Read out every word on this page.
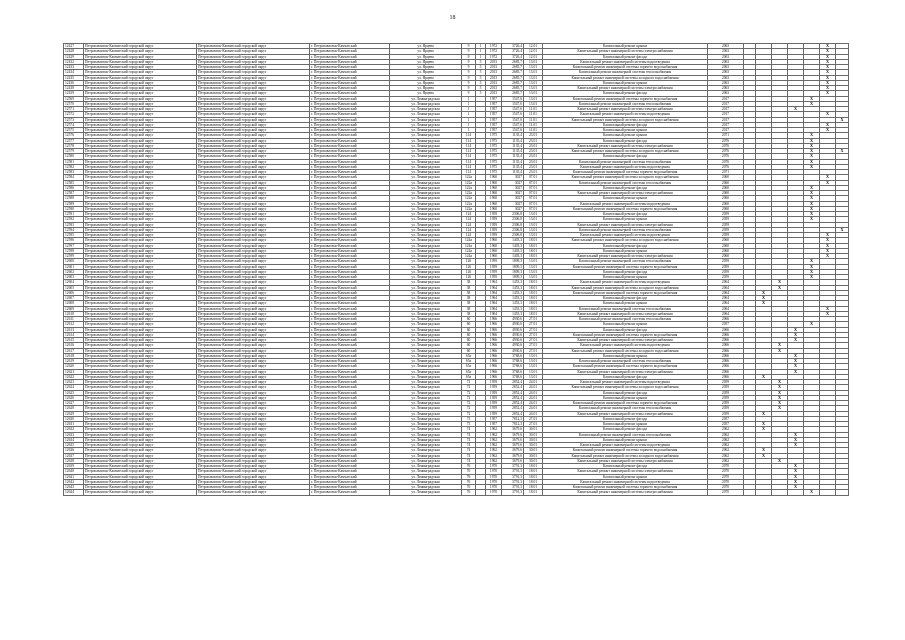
18
12427	Петропавловск-Камчатский городской округ	Петропавловск-Камчатский городской округ	г. Петропавловск-Камчатский	ул. Ярцева	9	1	1972	3726,4	12.01	Капитальный ремонт крыши	2063						X	
12428	Петропавловск-Камчатский городской округ	Петропавловск-Камчатский городской округ	г. Петропавловск-Камчатский	ул. Ярцева	9	1	1972	3726,4	12.01	Капитальный ремонт инженерной системы электроснабжения	2063						X	
12429	Петропавловск-Камчатский городской округ	Петропавловск-Камчатский городской округ	г. Петропавловск-Камчатский	ул. Ярцева	9	1	1972	3726,4	12.01	Капитальный ремонт фасада	2063						X	
12432	Петропавловск-Камчатский городской округ	Петропавловск-Камчатский городской округ	г. Петропавловск-Камчатский	ул. Ярцева	9	5	2013	2685,7	13.01	Капитальный ремонт инженерной системы водоотведения	2063						X	
12433	Петропавловск-Камчатский городской округ	Петропавловск-Камчатский городской округ	г. Петропавловск-Камчатский	ул. Ярцева	9	5	2013	2685,7	13.01	Капитальный ремонт инженерной системы горячего водоснабжения	2063						X	
12434	Петропавловск-Камчатский городской округ	Петропавловск-Камчатский городской округ	г. Петропавловск-Камчатский	ул. Ярцева	9	5	2013	2685,7	13.01	Капитальный ремонт инженерной системы теплоснабжения	2063						X	
12435	Петропавловск-Камчатский городской округ	Петропавловск-Камчатский городской округ	г. Петропавловск-Камчатский	ул. Ярцева	9	5	2013	2685,7	13.01	Капитальный ремонт инженерной системы холодного водоснабжения	2063						X	
12436	Петропавловск-Камчатский городской округ	Петропавловск-Камчатский городской округ	г. Петропавловск-Камчатский	ул. Ярцева	9	5	2013	2685,7	13.01	Капитальный ремонт крыши	2063						X	
12438	Петропавловск-Камчатский городской округ	Петропавловск-Камчатский городской округ	г. Петропавловск-Камчатский	ул. Ярцева	9	5	2013	2685,7	13.01	Капитальный ремонт инженерной системы электроснабжения	2063						X	
12439	Петропавловск-Камчатский городской округ	Петропавловск-Камчатский городской округ	г. Петропавловск-Камчатский	ул. Ярцева	9	5	2013	2685,7	13.01	Капитальный ремонт фасада	2063						X	
12569	Петропавловск-Камчатский городской округ	Петропавловск-Камчатский городской округ	г. Петропавловск-Камчатский	ул. Ленинградская	1		1957	1547,6	13.01	Капитальный ремонт инженерной системы горячего водоснабжения	2017					X		
12570	Петропавловск-Камчатский городской округ	Петропавловск-Камчатский городской округ	г. Петропавловск-Камчатский	ул. Ленинградская	1		1957	1547,6	13.01	Капитальный ремонт инженерной системы теплоснабжения	2017					X		
12571	Петропавловск-Камчатский городской округ	Петропавловск-Камчатский городской округ	г. Петропавловск-Камчатский	ул. Ленинградская	1		1957	1547,6	11.01	Капитальный ремонт инженерной системы электроснабжения	2017				X			
12572	Петропавловск-Камчатский городской округ	Петропавловск-Камчатский городской округ	г. Петропавловск-Камчатский	ул. Ленинградская	1		1957	1547,6	11.01	Капитальный ремонт инженерной системы водоотведения	2017						X	
12573	Петропавловск-Камчатский городской округ	Петропавловск-Камчатский городской округ	г. Петропавловск-Камчатский	ул. Ленинградская	1		1957	1547,6	11.01	Капитальный ремонт инженерной системы холодного водоснабжения	2017							X
12574	Петропавловск-Камчатский городской округ	Петропавловск-Камчатский городской округ	г. Петропавловск-Камчатский	ул. Ленинградская	1		1957	1547,6	11.01	Капитальный ремонт фасада	2017						X	
12575	Петропавловск-Камчатский городской округ	Петропавловск-Камчатский городской округ	г. Петропавловск-Камчатский	ул. Ленинградская	1		1957	1547,6	11.01	Капитальный ремонт крыши	2017						X	
12576	Петропавловск-Камчатский городской округ	Петропавловск-Камчатский городской округ	г. Петропавловск-Камчатский	ул. Ленинградская	114		1975	1135,4	23.01	Капитальный ремонт крыши	2071					X		
12577	Петропавловск-Камчатский городской округ	Петропавловск-Камчатский городской округ	г. Петропавловск-Камчатский	ул. Ленинградская	114		1975	1135,4	23.01	Капитальный ремонт фасада	2076					X		
12578	Петропавловск-Камчатский городской округ	Петропавловск-Камчатский городской округ	г. Петропавловск-Камчатский	ул. Ленинградская	114		1975	1135,4	23.01	Капитальный ремонт инженерной системы электроснабжения	2076					X		
12579	Петропавловск-Камчатский городской округ	Петропавловск-Камчатский городской округ	г. Петропавловск-Камчатский	ул. Ленинградская	114		1975	1135,4	23.01	Капитальный ремонт инженерной системы холодного водоснабжения	2076					X		X
12580	Петропавловск-Камчатский городской округ	Петропавловск-Камчатский городской округ	г. Петропавловск-Камчатский	ул. Ленинградская	114		1975	1135,4	23.01	Капитальный ремонт фасада	2076					X		
12581	Петропавловск-Камчатский городской округ	Петропавловск-Камчатский городской округ	г. Петропавловск-Камчатский	ул. Ленинградская	114		1975	1135,4	23.01	Капитальный ремонт инженерной системы теплоснабжения	2076					X		
12582	Петропавловск-Камчатский городской округ	Петропавловск-Камчатский городской округ	г. Петропавловск-Камчатский	ул. Ленинградская	114		1975	1135,4	23.01	Капитальный ремонт инженерной системы водоотведения	2076					X		
12583	Петропавловск-Камчатский городской округ	Петропавловск-Камчатский городской округ	г. Петропавловск-Камчатский	ул. Ленинградская	114		1975	1135,4	23.01	Капитальный ремонт инженерной системы горячего водоснабжения	2071							
12584	Петропавловск-Камчатский городской округ	Петропавловск-Камчатский городской округ	г. Петропавловск-Камчатский	ул. Ленинградская	122а		1960	3027	07.01	Капитальный ремонт инженерной системы холодного водоснабжения	2060						X	
12585	Петропавловск-Камчатский городской округ	Петропавловск-Камчатский городской округ	г. Петропавловск-Камчатский	ул. Ленинградская	122а		1960	3027	07.01	Капитальный ремонт инженерной системы теплоснабжения	2060						X	
12586	Петропавловск-Камчатский городской округ	Петропавловск-Камчатский городской округ	г. Петропавловск-Камчатский	ул. Ленинградская	122а		1960	3027	07.01	Капитальный ремонт фасада	2060					X		
12587	Петропавловск-Камчатский городской округ	Петропавловск-Камчатский городской округ	г. Петропавловск-Камчатский	ул. Ленинградская	122а		1960	3027	07.01	Капитальный ремонт инженерной системы электроснабжения	2060					X		
12588	Петропавловск-Камчатский городской округ	Петропавловск-Камчатский городской округ	г. Петропавловск-Камчатский	ул. Ленинградская	122а		1960	3027	07.01	Капитальный ремонт крыши	2060					X		
12589	Петропавловск-Камчатский городской округ	Петропавловск-Камчатский городской округ	г. Петропавловск-Камчатский	ул. Ленинградская	122а		1960	3027	07.01	Капитальный ремонт инженерной системы водоотведения	2060					X		
12590	Петропавловск-Камчатский городской округ	Петропавловск-Камчатский городской округ	г. Петропавловск-Камчатский	ул. Ленинградская	122а		1960	3027	07.01	Капитальный ремонт инженерной системы горячего водоснабжения	2060					X		
12591	Петропавловск-Камчатский городской округ	Петропавловск-Камчатский городской округ	г. Петропавловск-Камчатский	ул. Ленинградская	124		1959	2306,8	13.01	Капитальный ремонт фасада	2059					X		
12592	Петропавловск-Камчатский городской округ	Петропавловск-Камчатский городской округ	г. Петропавловск-Камчатский	ул. Ленинградская	124		1959	2306,8	13.01	Капитальный ремонт крыши	2059					X		
12593	Петропавловск-Камчатский городской округ	Петропавловск-Камчатский городской округ	г. Петропавловск-Камчатский	ул. Ленинградская	124		1959	2306,8	13.01	Капитальный ремонт инженерной системы электроснабжения	2059							
12594	Петропавловск-Камчатский городской округ	Петропавловск-Камчатский городской округ	г. Петропавловск-Камчатский	ул. Ленинградская	124		1959	2306,8	13.01	Капитальный ремонт инженерной системы теплоснабжения	2059							X
12595	Петропавловск-Камчатский городской округ	Петропавловск-Камчатский городской округ	г. Петропавловск-Камчатский	ул. Ленинградская	124		1959	2306,8	13.01	Капитальный ремонт инженерной системы водоотведения	2059						X	
12596	Петропавловск-Камчатский городской округ	Петропавловск-Камчатский городской округ	г. Петропавловск-Камчатский	ул. Ленинградская	124а		1960	1403,3	18.01	Капитальный ремонт инженерной системы холодного водоснабжения	2060						X	
12597	Петропавловск-Камчатский городской округ	Петропавловск-Камчатский городской округ	г. Петропавловск-Камчатский	ул. Ленинградская	124а		1960	1403,3	18.01	Капитальный ремонт фасада	2060						X	
12598	Петропавловск-Камчатский городской округ	Петропавловск-Камчатский городской округ	г. Петропавловск-Камчатский	ул. Ленинградская	124а		1960	1403,3	18.01	Капитальный ремонт крыши	2060						X	
12599	Петропавловск-Камчатский городской округ	Петропавловск-Камчатский городской округ	г. Петропавловск-Камчатский	ул. Ленинградская	124а		1960	1403,3	18.01	Капитальный ремонт инженерной системы электроснабжения	2060						X	
12600	Петропавловск-Камчатский городской округ	Петропавловск-Камчатский городской округ	г. Петропавловск-Камчатский	ул. Ленинградская	126		1959	1809,3	13.01	Капитальный ремонт инженерной системы теплоснабжения	2059					X		
12601	Петропавловск-Камчатский городской округ	Петропавловск-Камчатский городской округ	г. Петропавловск-Камчатский	ул. Ленинградская	126		1959	1809,3	13.01	Капитальный ремонт инженерной системы горячего водоснабжения	2059					X		
12602	Петропавловск-Камчатский городской округ	Петропавловск-Камчатский городской округ	г. Петропавловск-Камчатский	ул. Ленинградская	126		1959	1809,3	13.01	Капитальный ремонт фасада	2059					X		
12603	Петропавловск-Камчатский городской округ	Петропавловск-Камчатский городской округ	г. Петропавловск-Камчатский	ул. Ленинградская	126		1959	1809,3	13.01	Капитальный ремонт крыши	2059					X		
12604	Петропавловск-Камчатский городской округ	Петропавловск-Камчатский городской округ	г. Петропавловск-Камчатский	ул. Ленинградская	38		1964	1453,3	18.01	Капитальный ремонт инженерной системы водоотведения	2064			X				
12605	Петропавловск-Камчатский городской округ	Петропавловск-Камчатский городской округ	г. Петропавловск-Камчатский	ул. Ленинградская	38		1964	1453,3	18.01	Капитальный ремонт инженерной системы холодного водоснабжения	2064			X				
12606	Петропавловск-Камчатский городской округ	Петропавловск-Камчатский городской округ	г. Петропавловск-Камчатский	ул. Ленинградская	38		1964	1453,3	18.01	Капитальный ремонт инженерной системы горячего водоснабжения	2064		X					
12607	Петропавловск-Камчатский городской округ	Петропавловск-Камчатский городской округ	г. Петропавловск-Камчатский	ул. Ленинградская	38		1964	1453,3	18.01	Капитальный ремонт фасада	2064		X					
12608	Петропавловск-Камчатский городской округ	Петропавловск-Камчатский городской округ	г. Петропавловск-Камчатский	ул. Ленинградская	38		1964	1453,3	18.01	Капитальный ремонт крыши	2064		X					
12609	Петропавловск-Камчатский городской округ	Петропавловск-Камчатский городской округ	г. Петропавловск-Камчатский	ул. Ленинградская	38		1964	1453,3	18.01	Капитальный ремонт инженерной системы теплоснабжения	2064						X	
12610	Петропавловск-Камчатский городской округ	Петропавловск-Камчатский городской округ	г. Петропавловск-Камчатский	ул. Ленинградская	38		1964	1453,3	18.01	Капитальный ремонт инженерной системы электроснабжения	2064						X	
12611	Петропавловск-Камчатский городской округ	Петропавловск-Камчатский городской округ	г. Петропавловск-Камчатский	ул. Ленинградская	60		1966	4930,6	27.01	Капитальный ремонт инженерной системы теплоснабжения	2066							
12612	Петропавловск-Камчатский городской округ	Петропавловск-Камчатский городской округ	г. Петропавловск-Камчатский	ул. Ленинградская	60		1966	4930,6	27.01	Капитальный ремонт крыши	2057					X		
12613	Петропавловск-Камчатский городской округ	Петропавловск-Камчатский городской округ	г. Петропавловск-Камчатский	ул. Ленинградская	60		1966	4930,6	27.01	Капитальный ремонт фасада	2066				X			
12614	Петропавловск-Камчатский городской округ	Петропавловск-Камчатский городской округ	г. Петропавловск-Камчатский	ул. Ленинградская	60		1966	4930,6	27.01	Капитальный ремонт инженерной системы горячего водоснабжения	2066				X			
12615	Петропавловск-Камчатский городской округ	Петропавловск-Камчатский городской округ	г. Петропавловск-Камчатский	ул. Ленинградская	60		1966	4930,6	27.01	Капитальный ремонт инженерной системы электроснабжения	2066				X			
12616	Петропавловск-Камчатский городской округ	Петропавловск-Камчатский городской округ	г. Петропавловск-Камчатский	ул. Ленинградская	60		1966	4930,6	27.01	Капитальный ремонт инженерной системы водоотведения	2066			X				
12617	Петропавловск-Камчатский городской округ	Петропавловск-Камчатский городской округ	г. Петропавловск-Камчатский	ул. Ленинградская	60		1966	4930,6	27.01	Капитальный ремонт инженерной системы холодного водоснабжения	2066			X				
12618	Петропавловск-Камчатский городской округ	Петропавловск-Камчатский городской округ	г. Петропавловск-Камчатский	ул. Ленинградская	65а		1966	3768,6	13.01	Капитальный ремонт крыши	2066				X			
12619	Петропавловск-Камчатский городской округ	Петропавловск-Камчатский городской округ	г. Петропавловск-Камчатский	ул. Ленинградская	65а		1966	3768,6	13.01	Капитальный ремонт инженерной системы теплоснабжения	2066				X			
12620	Петропавловск-Камчатский городской округ	Петропавловск-Камчатский городской округ	г. Петропавловск-Камчатский	ул. Ленинградская	65а		1966	3768,6	13.01	Капитальный ремонт инженерной системы горячего водоснабжения	2066				X			
12621	Петропавловск-Камчатский городской округ	Петропавловск-Камчатский городской округ	г. Петропавловск-Камчатский	ул. Ленинградская	65а		1966	3768,6	13.01	Капитальный ремонт инженерной системы электроснабжения	2066				X			
12622	Петропавловск-Камчатский городской округ	Петропавловск-Камчатский городской округ	г. Петропавловск-Камчатский	ул. Ленинградская	65а		1966	3768,6	13.01	Капитальный ремонт фасада	2066		X					
12623	Петропавловск-Камчатский городской округ	Петропавловск-Камчатский городской округ	г. Петропавловск-Камчатский	ул. Ленинградская	72		1959	2852,4	24.01	Капитальный ремонт инженерной системы водоотведения	2059			X				
12624	Петропавловск-Камчатский городской округ	Петропавловск-Камчатский городской округ	г. Петропавловск-Камчатский	ул. Ленинградская	72		1959	2852,4	24.01	Капитальный ремонт инженерной системы холодного водоснабжения	2059			X				
12625	Петропавловск-Камчатский городской округ	Петропавловск-Камчатский городской округ	г. Петропавловск-Камчатский	ул. Ленинградская	72		1959	2852,4	24.01	Капитальный ремонт фасада	2059			X				
12626	Петропавловск-Камчатский городской округ	Петропавловск-Камчатский городской округ	г. Петропавловск-Камчатский	ул. Ленинградская	72		1959	2852,4	24.01	Капитальный ремонт крыши	2059			X				
12627	Петропавловск-Камчатский городской округ	Петропавловск-Камчатский городской округ	г. Петропавловск-Камчатский	ул. Ленинградская	72		1959	2852,4	24.01	Капитальный ремонт инженерной системы горячего водоснабжения	2059			X				
12628	Петропавловск-Камчатский городской округ	Петропавловск-Камчатский городской округ	г. Петропавловск-Камчатский	ул. Ленинградская	72		1959	2852,4	24.01	Капитальный ремонт инженерной системы теплоснабжения	2059			X				
12629	Петропавловск-Камчатский городской округ	Петропавловск-Камчатский городской округ	г. Петропавловск-Камчатский	ул. Ленинградская	72		1959	2852,4	24.01	Капитальный ремонт инженерной системы электроснабжения	2059		X					
12630	Петропавловск-Камчатский городской округ	Петропавловск-Камчатский городской округ	г. Петропавловск-Камчатский	ул. Ленинградская	73		1957	7812,3	27.01	Капитальный ремонт фасада	2057							
12631	Петропавловск-Камчатский городской округ	Петропавловск-Камчатский городской округ	г. Петропавловск-Камчатский	ул. Ленинградская	73		1957	7812,3	27.01	Капитальный ремонт крыши	2057		X					
12632	Петропавловск-Камчатский городской округ	Петропавловск-Камчатский городской округ	г. Петропавловск-Камчатский	ул. Ленинградская	74		1962	3679,6	30.01	Капитальный ремонт фасада	2062		X					
12633	Петропавловск-Камчатский городской округ	Петропавловск-Камчатский городской округ	г. Петропавловск-Камчатский	ул. Ленинградская	74		1962	3679,6	30.01	Капитальный ремонт инженерной системы теплоснабжения	2062				X			
12634	Петропавловск-Камчатский городской округ	Петропавловск-Камчатский городской округ	г. Петропавловск-Камчатский	ул. Ленинградская	74		1962	3679,6	30.01	Капитальный ремонт крыши	2062				X			
12635	Петропавловск-Камчатский городской округ	Петропавловск-Камчатский городской округ	г. Петропавловск-Камчатский	ул. Ленинградская	74		1962	3679,6	30.01	Капитальный ремонт инженерной системы водоотведения	2062				X			
12636	Петропавловск-Камчатский городской округ	Петропавловск-Камчатский городской округ	г. Петропавловск-Камчатский	ул. Ленинградская	74		1962	3679,6	30.01	Капитальный ремонт инженерной системы горячего водоснабжения	2062		X					
12637	Петропавловск-Камчатский городской округ	Петропавловск-Камчатский городской округ	г. Петропавловск-Камчатский	ул. Ленинградская	74		1962	3679,6	30.01	Капитальный ремонт инженерной системы холодного водоснабжения	2062		X					
12638	Петропавловск-Камчатский городской округ	Петропавловск-Камчатский городской округ	г. Петропавловск-Камчатский	ул. Ленинградская	74		1962	3679,6	30.01	Капитальный ремонт инженерной системы электроснабжения	2062			X				
12639	Петропавловск-Камчатский городской округ	Петропавловск-Камчатский городской округ	г. Петропавловск-Камчатский	ул. Ленинградская	76		1970	3791,3	18.01	Капитальный ремонт фасада	2070				X			
12640	Петропавловск-Камчатский городской округ	Петропавловск-Камчатский городской округ	г. Петропавловск-Камчатский	ул. Ленинградская	76		1970	3791,3	18.01	Капитальный ремонт инженерной системы электроснабжения	2070				X			
12641	Петропавловск-Камчатский городской округ	Петропавловск-Камчатский городской округ	г. Петропавловск-Камчатский	ул. Ленинградская	76		1970	3791,3	18.01	Капитальный ремонт крыши	2070				X			
12642	Петропавловск-Камчатский городской округ	Петропавловск-Камчатский городской округ	г. Петропавловск-Камчатский	ул. Ленинградская	76		1970	3791,3	18.01	Капитальный ремонт инженерной системы водоотведения	2070				X			
12643	Петропавловск-Камчатский городской округ	Петропавловск-Камчатский городской округ	г. Петропавловск-Камчатский	ул. Ленинградская	76		1970	3791,3	18.01	Капитальный ремонт инженерной системы горячего водоснабжения	2070				X			
12644	Петропавловск-Камчатский городской округ	Петропавловск-Камчатский городской округ	г. Петропавловск-Камчатский	ул. Ленинградская	76		1970	3791,3	18.01	Капитальный ремонт инженерной системы электроснабжения	2070					X		
